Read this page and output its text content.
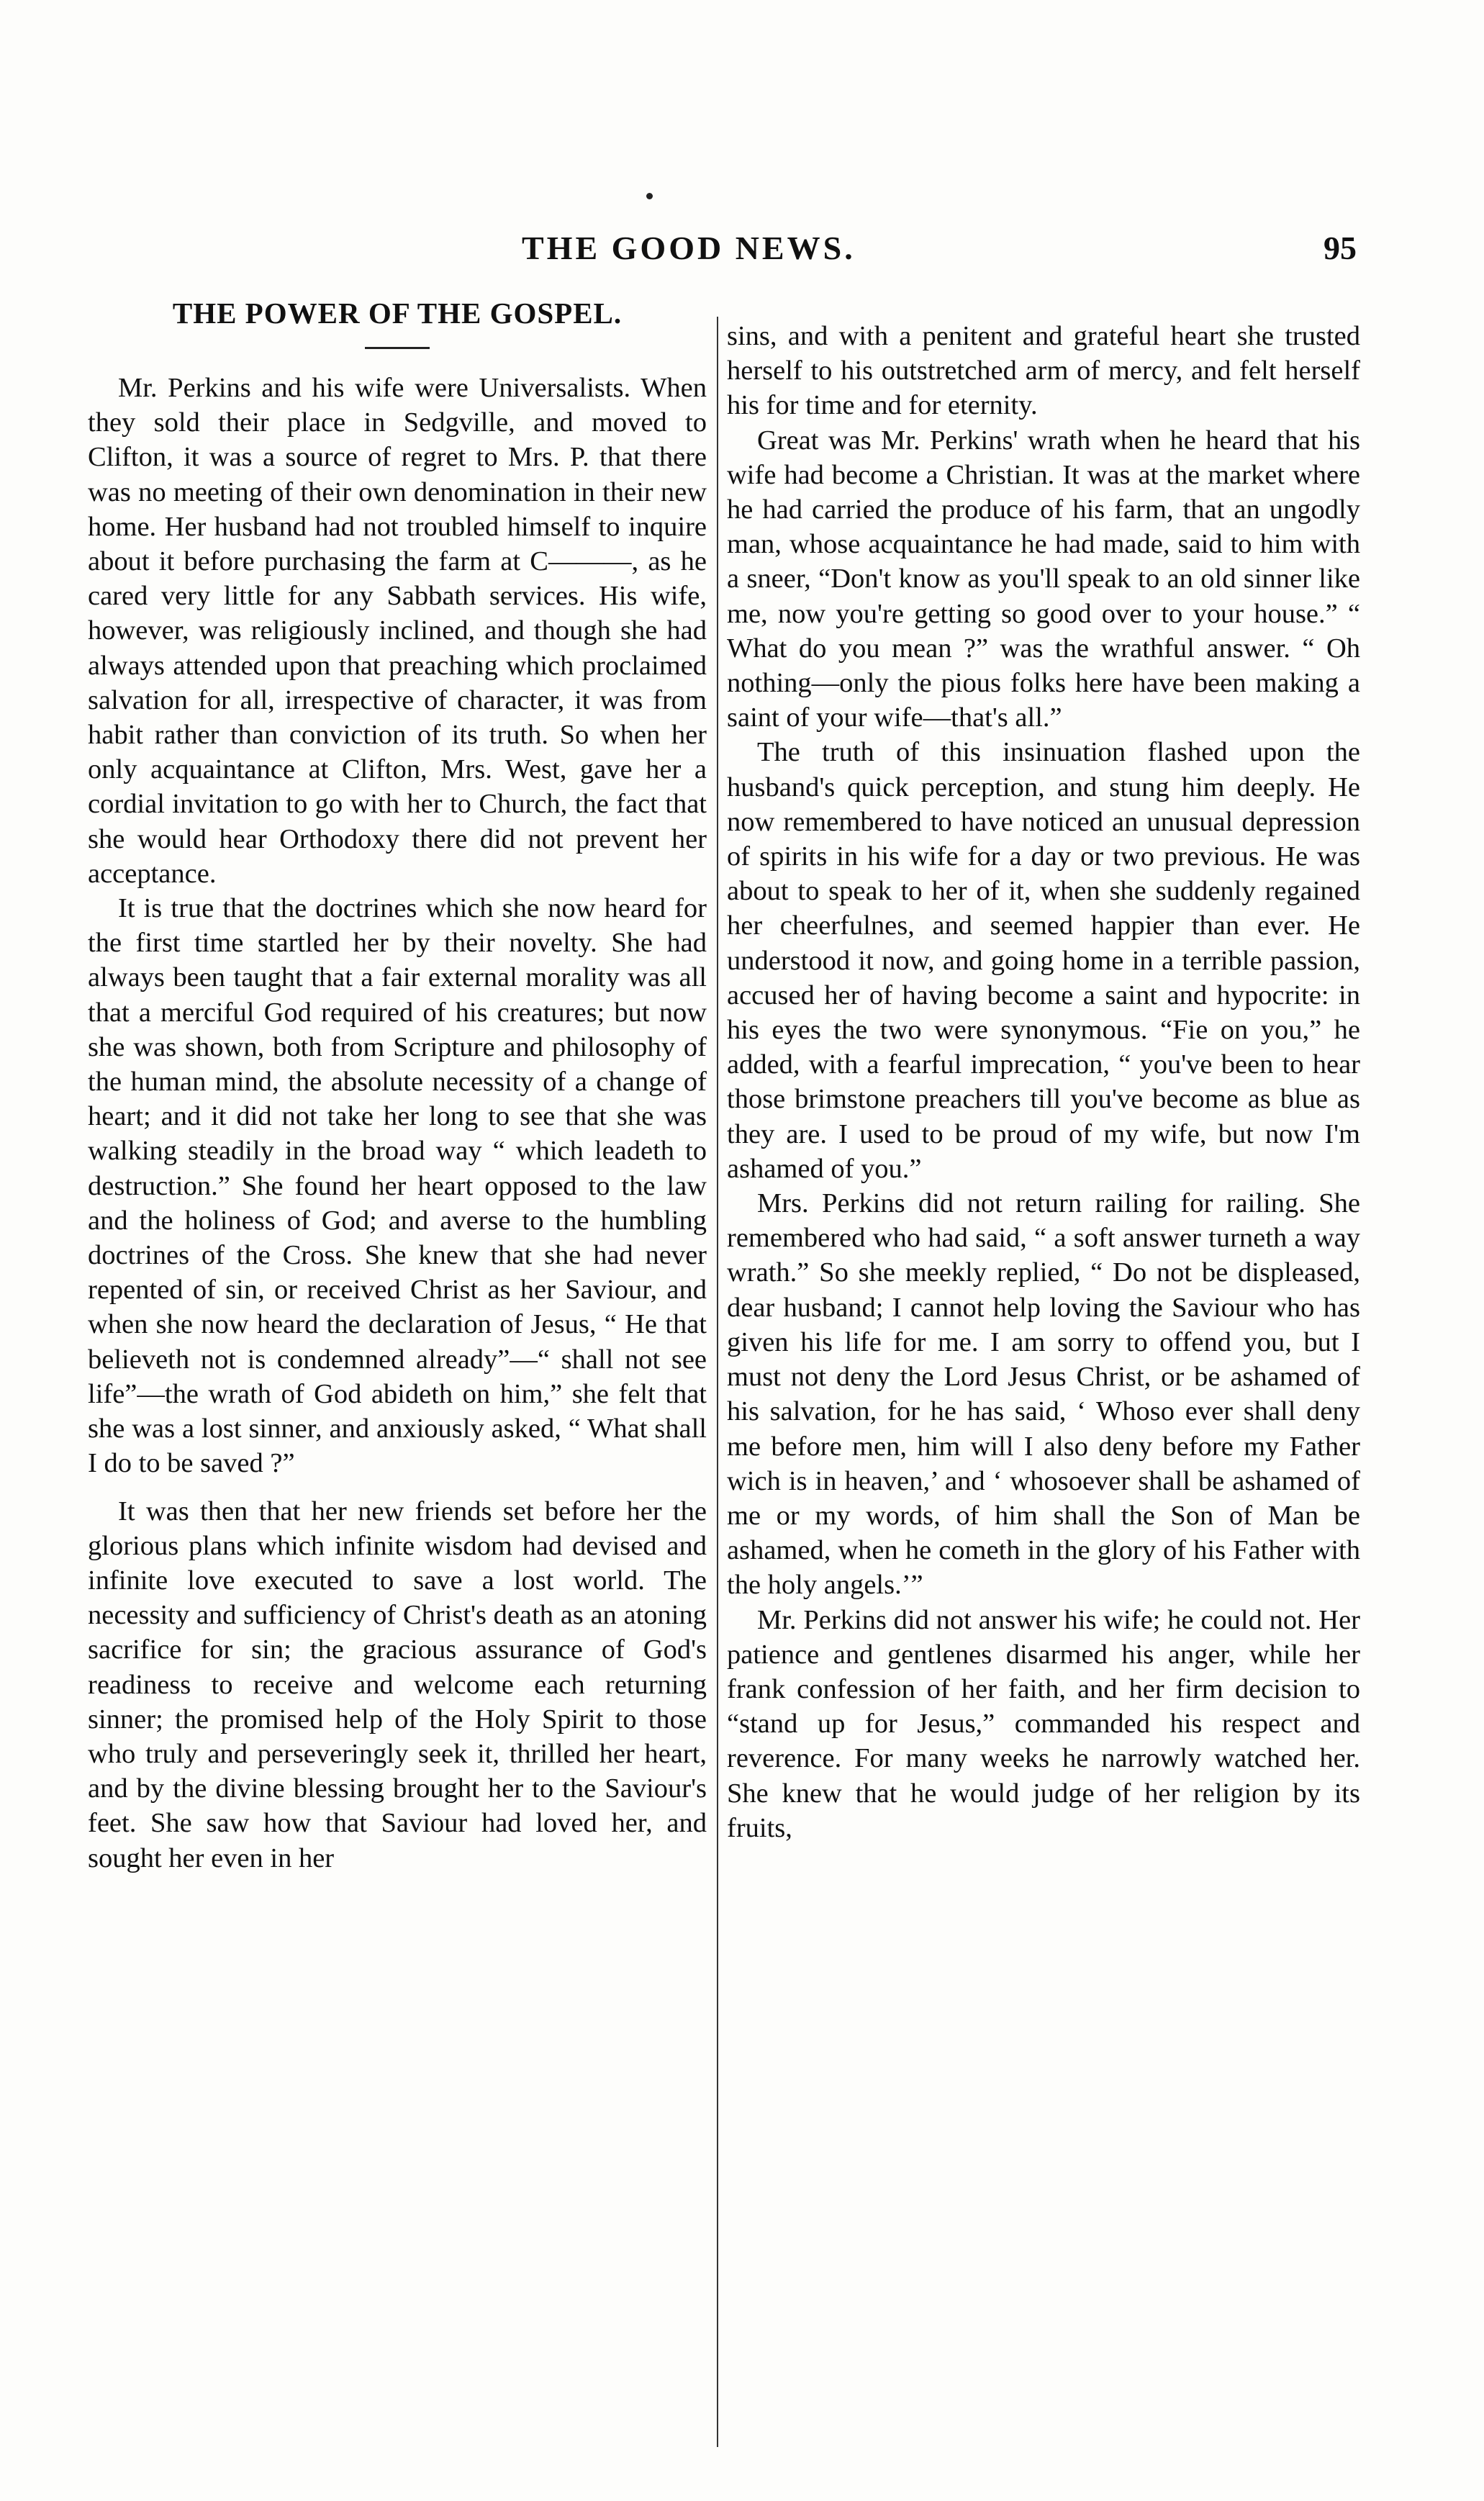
THE GOOD NEWS.	95
THE POWER OF THE GOSPEL.

Mr. Perkins and his wife were Universalists. When they sold their place in Sedgville, and moved to Clifton, it was a source of regret to Mrs. P. that there was no meeting of their own denomination in their new home. Her husband had not troubled himself to inquire about it before purchasing the farm at C———, as he cared very little for any Sabbath services. His wife, however, was religiously inclined, and though she had always attended upon that preaching which proclaimed salvation for all, irrespective of character, it was from habit rather than conviction of its truth. So when her only acquaintance at Clifton, Mrs. West, gave her a cordial invitation to go with her to Church, the fact that she would hear Orthodoxy there did not prevent her acceptance.

It is true that the doctrines which she now heard for the first time startled her by their novelty. She had always been taught that a fair external morality was all that a merciful God required of his creatures; but now she was shown, both from Scripture and philosophy of the human mind, the absolute necessity of a change of heart; and it did not take her long to see that she was walking steadily in the broad way “ which leadeth to destruction.” She found her heart opposed to the law and the holiness of God; and averse to the humbling doctrines of the Cross. She knew that she had never repented of sin, or received Christ as her Saviour, and when she now heard the declaration of Jesus, “ He that believeth not is condemned already”—“ shall not see life”—the wrath of God abideth on him,” she felt that she was a lost sinner, and anxiously asked, “ What shall I do to be saved ?”

It was then that her new friends set before her the glorious plans which infinite wisdom had devised and infinite love executed to save a lost world. The necessity and sufficiency of Christ's death as an atoning sacrifice for sin; the gracious assurance of God's readiness to receive and welcome each returning sinner; the promised help of the Holy Spirit to those who truly and perseveringly seek it, thrilled her heart, and by the divine blessing brought her to the Saviour's feet. She saw how that Saviour had loved her, and sought her even in her

sins, and with a penitent and grateful heart she trusted herself to his outstretched arm of mercy, and felt herself his for time and for eternity.

Great was Mr. Perkins' wrath when he heard that his wife had become a Christian. It was at the market where he had carried the produce of his farm, that an ungodly man, whose acquaintance he had made, said to him with a sneer, “Don't know as you'll speak to an old sinner like me, now you're getting so good over to your house.” “ What do you mean ?” was the wrathful answer. “ Oh nothing—only the pious folks here have been making a saint of your wife—that's all.”

The truth of this insinuation flashed upon the husband's quick perception, and stung him deeply. He now remembered to have noticed an unusual depression of spirits in his wife for a day or two previous. He was about to speak to her of it, when she suddenly regained her cheerfulnes, and seemed happier than ever. He understood it now, and going home in a terrible passion, accused her of having become a saint and hypocrite: in his eyes the two were synonymous. “Fie on you,” he added, with a fearful imprecation, “ you've been to hear those brimstone preachers till you've become as blue as they are. I used to be proud of my wife, but now I'm ashamed of you.”

Mrs. Perkins did not return railing for railing. She remembered who had said, “ a soft answer turneth a way wrath.” So she meekly replied, “ Do not be displeased, dear husband; I cannot help loving the Saviour who has given his life for me. I am sorry to offend you, but I must not deny the Lord Jesus Christ, or be ashamed of his salvation, for he has said, ‘ Whoso ever shall deny me before men, him will I also deny before my Father wich is in heaven,’ and ‘ whosoever shall be ashamed of me or my words, of him shall the Son of Man be ashamed, when he cometh in the glory of his Father with the holy angels.’”

Mr. Perkins did not answer his wife; he could not. Her patience and gentlenes disarmed his anger, while her frank confession of her faith, and her firm decision to “stand up for Jesus,” commanded his respect and reverence. For many weeks he narrowly watched her. She knew that he would judge of her religion by its fruits,
